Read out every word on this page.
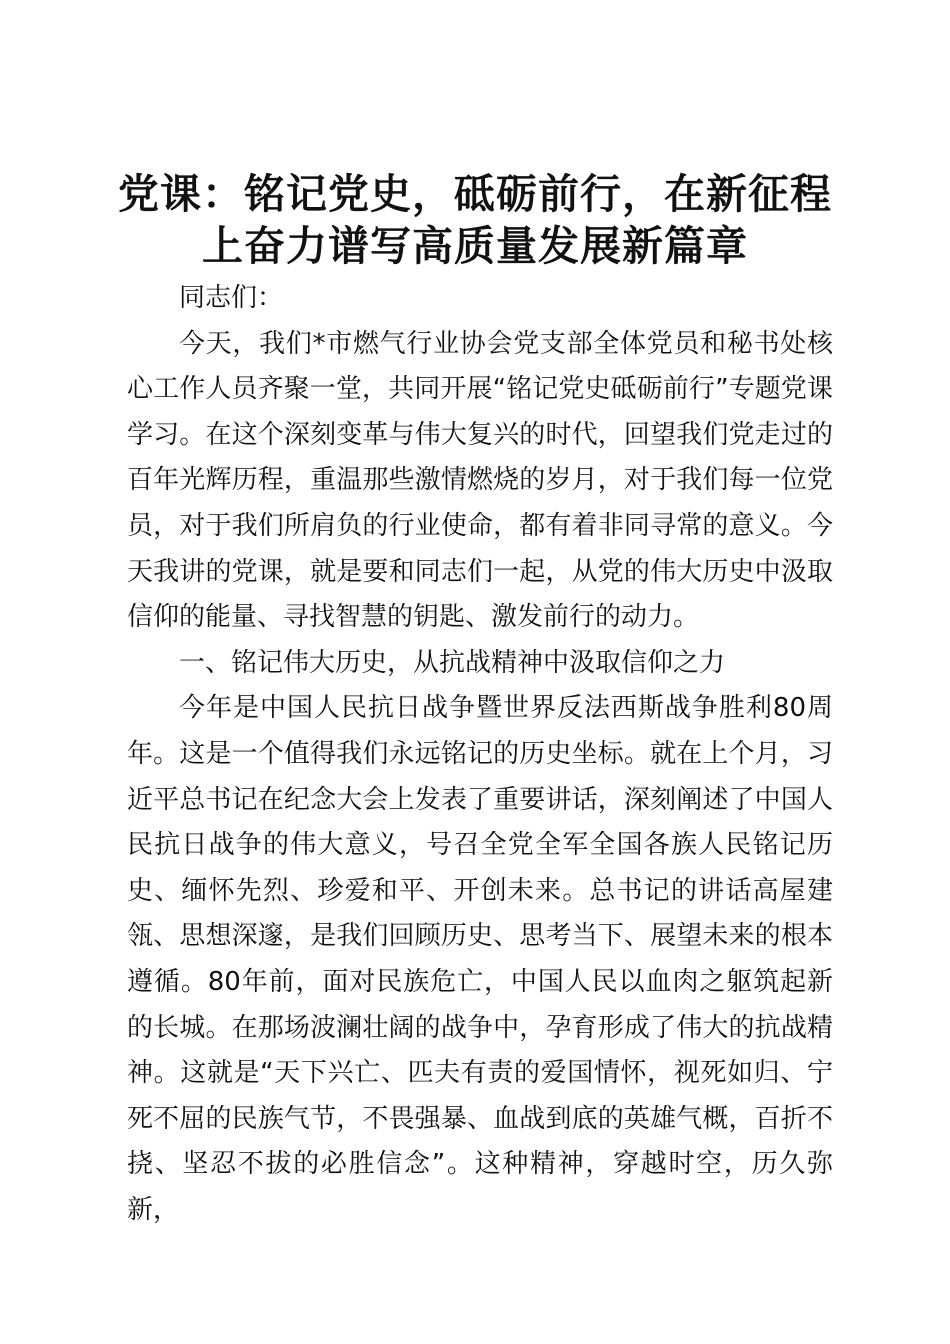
党课：铭记党史，砥砺前行，在新征程
上奋力谱写高质量发展新篇章

同志们：

今天，我们*市燃气行业协会党支部全体党员和秘书处核心工作人员齐聚一堂，共同开展“铭记党史砥砺前行”专题党课学习。在这个深刻变革与伟大复兴的时代，回望我们党走过的百年光辉历程，重温那些激情燃烧的岁月，对于我们每一位党员，对于我们所肩负的行业使命，都有着非同寻常的意义。今天我讲的党课，就是要和同志们一起，从党的伟大历史中汲取信仰的能量、寻找智慧的钥匙、激发前行的动力。

一、铭记伟大历史，从抗战精神中汲取信仰之力

今年是中国人民抗日战争暨世界反法西斯战争胜利80周年。这是一个值得我们永远铭记的历史坐标。就在上个月，习近平总书记在纪念大会上发表了重要讲话，深刻阐述了中国人民抗日战争的伟大意义，号召全党全军全国各族人民铭记历史、缅怀先烈、珍爱和平、开创未来。总书记的讲话高屋建瓴、思想深邃，是我们回顾历史、思考当下、展望未来的根本遵循。80年前，面对民族危亡，中国人民以血肉之躯筑起新的长城。在那场波澜壮阔的战争中，孕育形成了伟大的抗战精神。这就是“天下兴亡、匹夫有责的爱国情怀，视死如归、宁死不屈的民族气节，不畏强暴、血战到底的英雄气概，百折不挠、坚忍不拔的必胜信念”。这种精神，穿越时空，历久弥新，
